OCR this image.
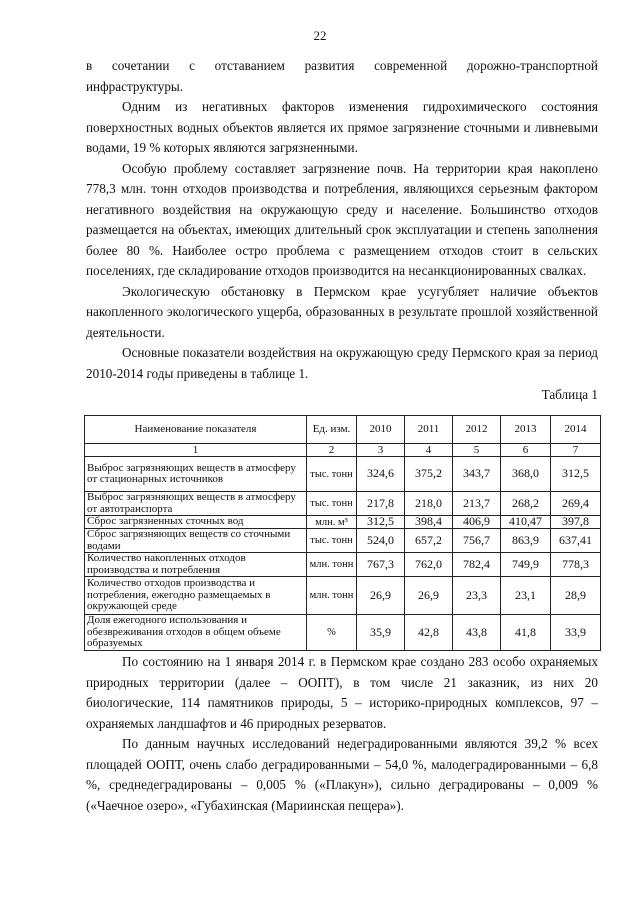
22

в сочетании с отставанием развития современной дорожно-транспортной инфраструктуры.

Одним из негативных факторов изменения гидрохимического состояния поверхностных водных объектов является их прямое загрязнение сточными и ливневыми водами, 19 % которых являются загрязненными.

Особую проблему составляет загрязнение почв. На территории края накоплено 778,3 млн. тонн отходов производства и потребления, являющихся серьезным фактором негативного воздействия на окружающую среду и население. Большинство отходов размещается на объектах, имеющих длительный срок эксплуатации и степень заполнения более 80 %. Наиболее остро проблема с размещением отходов стоит в сельских поселениях, где складирование отходов производится на несанкционированных свалках.

Экологическую обстановку в Пермском крае усугубляет наличие объектов накопленного экологического ущерба, образованных в результате прошлой хозяйственной деятельности.

Основные показатели воздействия на окружающую среду Пермского края за период 2010-2014 годы приведены в таблице 1.

Таблица 1
Наименование показателя	Ед. изм.	2010	2011	2012	2013	2014
1	2	3	4	5	6	7
Выброс загрязняющих веществ в атмосферу от стационарных источников	тыс. тонн	324,6	375,2	343,7	368,0	312,5
Выброс загрязняющих веществ в атмосферу от автотранспорта	тыс. тонн	217,8	218,0	213,7	268,2	269,4
Сброс загрязненных сточных вод	млн. м³	312,5	398,4	406,9	410,47	397,8
Сброс загрязняющих веществ со сточными водами	тыс. тонн	524,0	657,2	756,7	863,9	637,41
Количество накопленных отходов производства и потребления	млн. тонн	767,3	762,0	782,4	749,9	778,3
Количество отходов производства и потребления, ежегодно размещаемых в окружающей среде	млн. тонн	26,9	26,9	23,3	23,1	28,9
Доля ежегодного использования и обезвреживания отходов в общем объеме образуемых	%	35,9	42,8	43,8	41,8	33,9

По состоянию на 1 января 2014 г. в Пермском крае создано 283 особо охраняемых природных территории (далее – ООПТ), в том числе 21 заказник, из них 20 биологические, 114 памятников природы, 5 – историко-природных комплексов, 97 – охраняемых ландшафтов и 46 природных резерватов.

По данным научных исследований недеградированными являются 39,2 % всех площадей ООПТ, очень слабо деградированными – 54,0 %, малодеградированными – 6,8 %, среднедеградированы – 0,005 % («Плакун»), сильно деградированы – 0,009 % («Чаечное озеро», «Губахинская (Мариинская пещера»).
